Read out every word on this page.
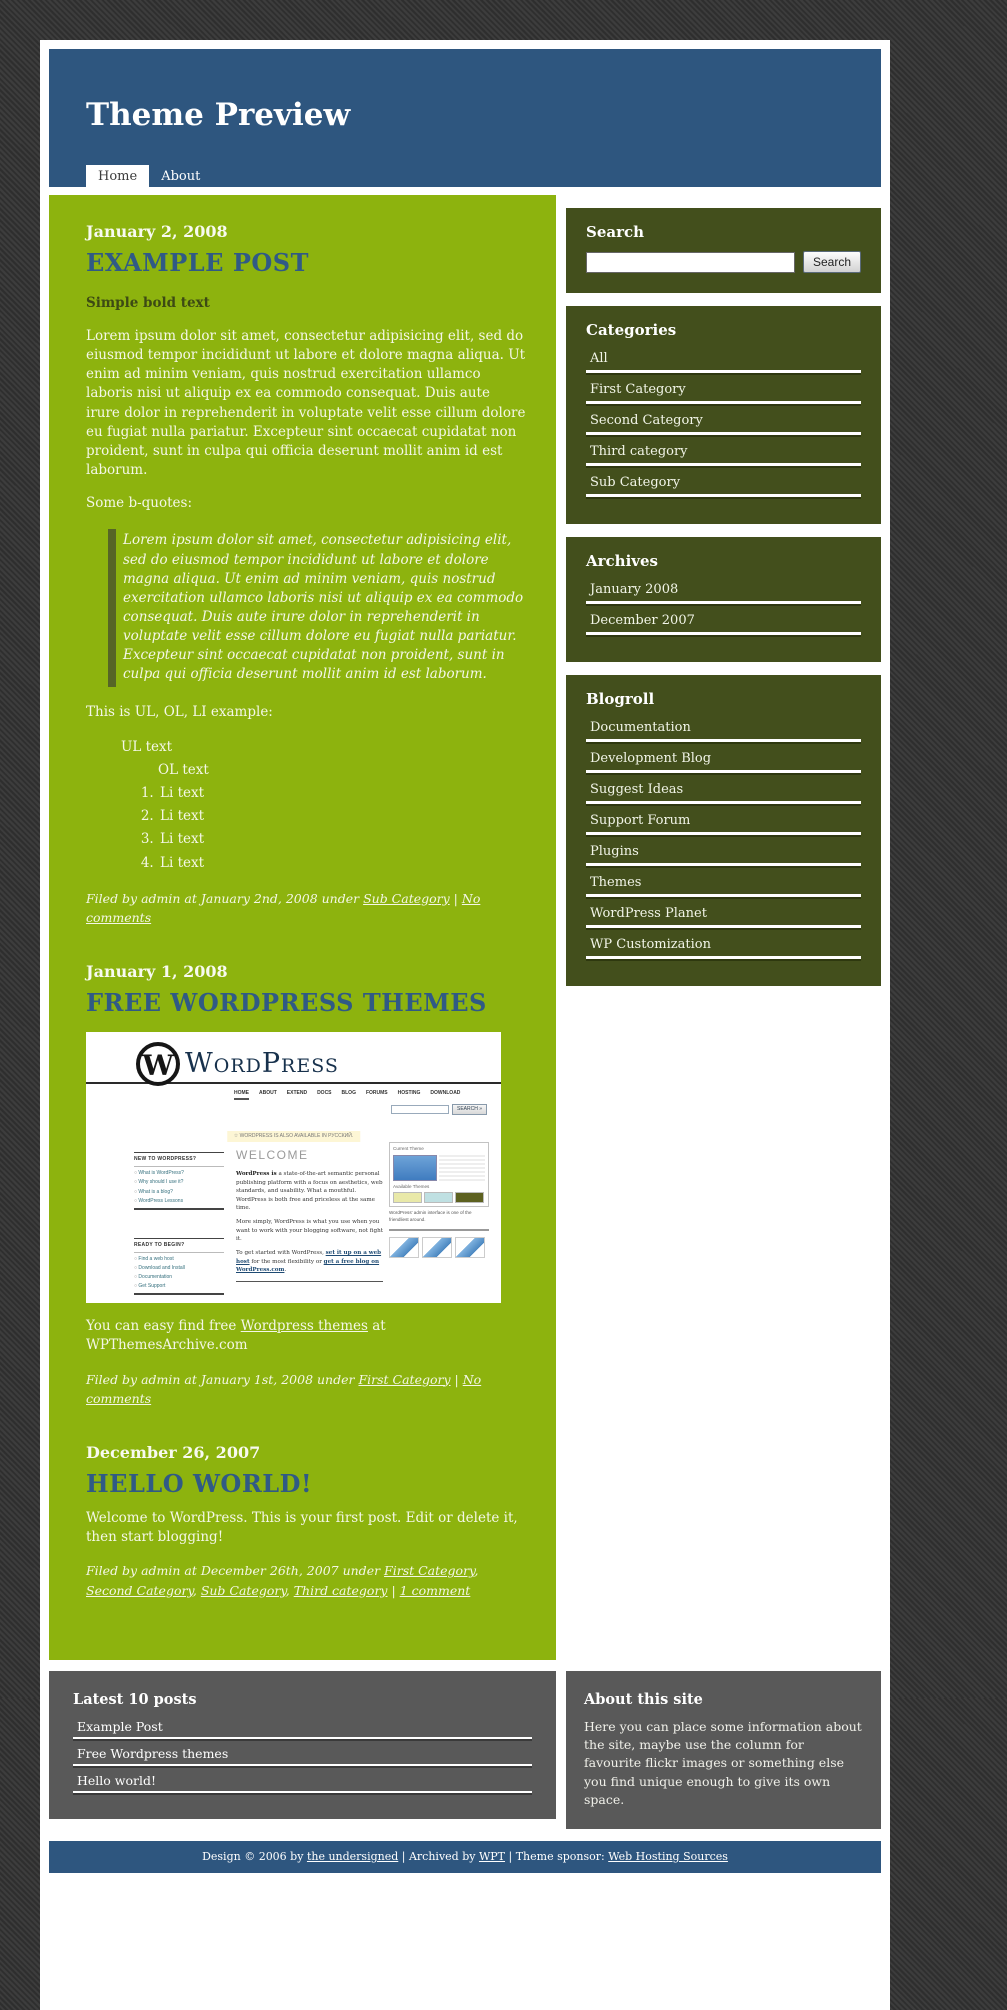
Theme Preview
Home	About
January 2, 2008
EXAMPLE POST

Simple bold text

Lorem ipsum dolor sit amet, consectetur adipisicing elit, sed do eiusmod tempor incididunt ut labore et dolore magna aliqua. Ut enim ad minim veniam, quis nostrud exercitation ullamco laboris nisi ut aliquip ex ea commodo consequat. Duis aute irure dolor in reprehenderit in voluptate velit esse cillum dolore eu fugiat nulla pariatur. Excepteur sint occaecat cupidatat non proident, sunt in culpa qui officia deserunt mollit anim id est laborum.

Some b-quotes:

Lorem ipsum dolor sit amet, consectetur adipisicing elit, sed do eiusmod tempor incididunt ut labore et dolore magna aliqua. Ut enim ad minim veniam, quis nostrud exercitation ullamco laboris nisi ut aliquip ex ea commodo consequat. Duis aute irure dolor in reprehenderit in voluptate velit esse cillum dolore eu fugiat nulla pariatur. Excepteur sint occaecat cupidatat non proident, sunt in culpa qui officia deserunt mollit anim id est laborum.

This is UL, OL, LI example:

UL text
OL text
1. Li text
2. Li text
3. Li text
4. Li text

Filed by admin at January 2nd, 2008 under Sub Category | No comments

January 1, 2008
FREE WORDPRESS THEMES
W WordPress
HOME ABOUT EXTEND DOCS BLOG FORUMS HOSTING DOWNLOAD
SEARCH »
☆ WORDPRESS IS ALSO AVAILABLE IN РУССКИЙ.
NEW TO WORDPRESS?
○ What is WordPress?
○ Why should I use it?
○ What is a blog?
○ WordPress Lessons
READY TO BEGIN?
○ Find a web host
○ Download and Install
○ Documentation
○ Get Support
WELCOME

WordPress is a state-of-the-art semantic personal publishing platform with a focus on aesthetics, web standards, and usability. What a mouthful. WordPress is both free and priceless at the same time.

More simply, WordPress is what you use when you want to work with your blogging software, not fight it.

To get started with WordPress, set it up on a web host for the most flexibility or get a free blog on WordPress.com.

Current Theme
Available Themes
WordPress' admin interface is one of the friendliest around.

You can easy find free Wordpress themes at WPThemesArchive.com

Filed by admin at January 1st, 2008 under First Category | No comments

December 26, 2007
HELLO WORLD!

Welcome to WordPress. This is your first post. Edit or delete it, then start blogging!

Filed by admin at December 26th, 2007 under First Category, Second Category, Sub Category, Third category | 1 comment

Search
Search
Categories
All
First Category
Second Category
Third category
Sub Category
Archives
January 2008
December 2007
Blogroll
Documentation
Development Blog
Suggest Ideas
Support Forum
Plugins
Themes
WordPress Planet
WP Customization
Latest 10 posts
Example Post
Free Wordpress themes
Hello world!
About this site

Here you can place some information about the site, maybe use the column for favourite flickr images or something else you find unique enough to give its own space.

Design © 2006 by the undersigned | Archived by WPT | Theme sponsor: Web Hosting Sources
